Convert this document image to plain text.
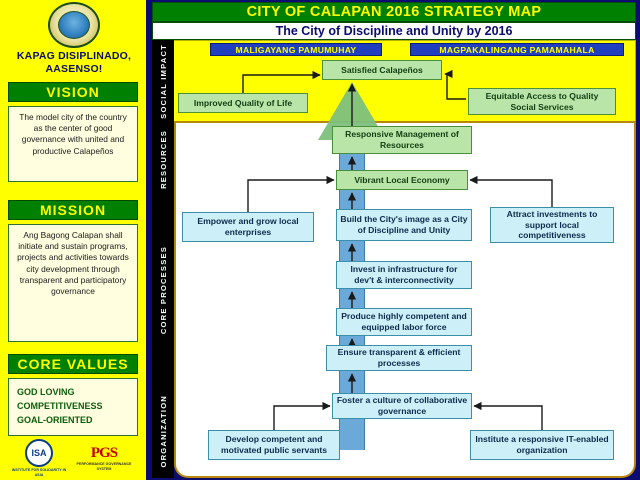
KAPAG DISIPLINADO,
AASENSO!
VISION
The model city of the country as the center of good governance with united and productive Calapeños
MISSION
Ang Bagong Calapan shall initiate and sustain programs, projects and activities towards city development through transparent and participatory governance
CORE VALUES
GOD LOVING
COMPETITIVENESS
GOAL-ORIENTED
ISA
INSTITUTE FOR SOLIDARITY IN ASIA
PGS
PERFORMANCE GOVERNANCE SYSTEM
CITY OF CALAPAN 2016 STRATEGY MAP
The City of Discipline and Unity by 2016
MALIGAYANG PAMUMUHAY	MAGPAKALINGANG PAMAMAHALA
SOCIAL IMPACT
RESOURCES
CORE PROCESSES
ORGANIZATION
Satisfied Calapeños
Improved Quality of Life
Equitable Access to Quality Social Services
Responsive Management of Resources
Vibrant Local Economy
Empower and grow local enterprises
Build the City's image as a City of Discipline and Unity
Attract investments to support local competitiveness
Invest in infrastructure for dev't & interconnectivity
Produce highly competent and equipped labor force
Ensure transparent & efficient processes
Foster a culture of collaborative governance
Develop competent and motivated public servants
Institute a responsive IT-enabled organization
